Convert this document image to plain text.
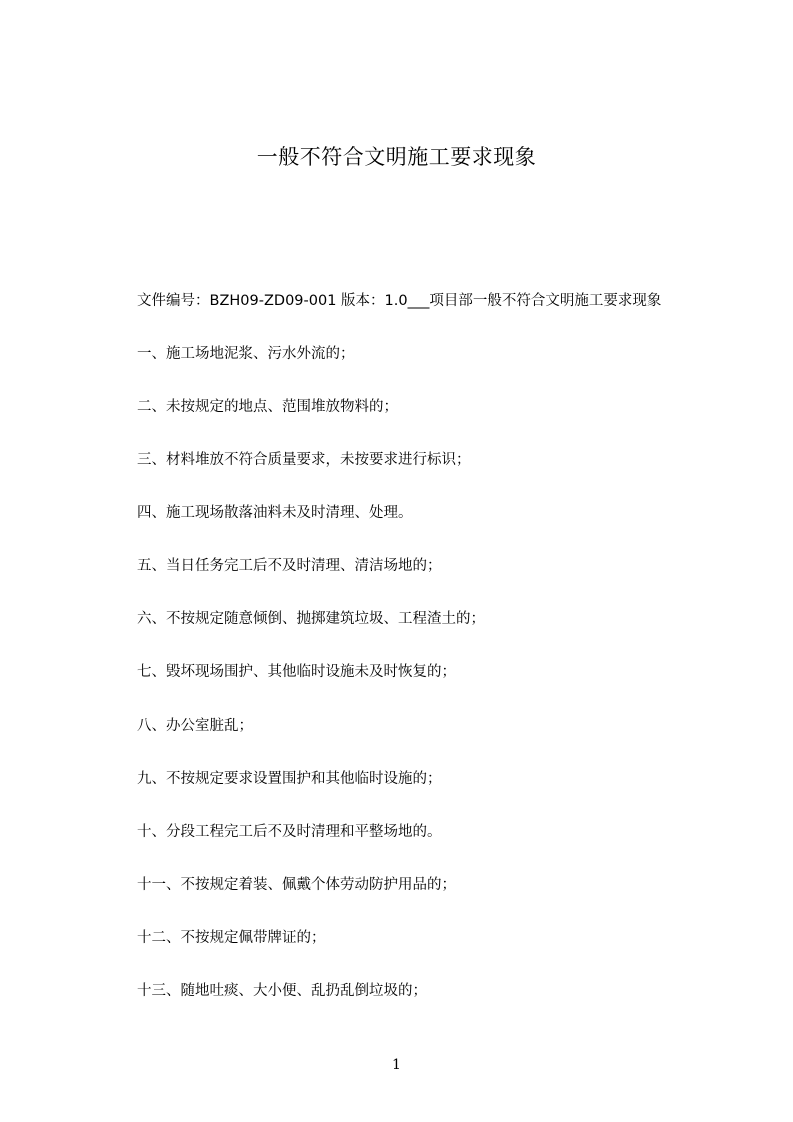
一般不符合文明施工要求现象
文件编号：BZH09-ZD09-001 版本：1.0___项目部一般不符合文明施工要求现象
一、施工场地泥浆、污水外流的；
二、未按规定的地点、范围堆放物料的；
三、材料堆放不符合质量要求，未按要求进行标识；
四、施工现场散落油料未及时清理、处理。
五、当日任务完工后不及时清理、清洁场地的；
六、不按规定随意倾倒、抛掷建筑垃圾、工程渣土的；
七、毁坏现场围护、其他临时设施未及时恢复的；
八、办公室脏乱；
九、不按规定要求设置围护和其他临时设施的；
十、分段工程完工后不及时清理和平整场地的。
十一、不按规定着装、佩戴个体劳动防护用品的；
十二、不按规定佩带牌证的；
十三、随地吐痰、大小便、乱扔乱倒垃圾的；
1
